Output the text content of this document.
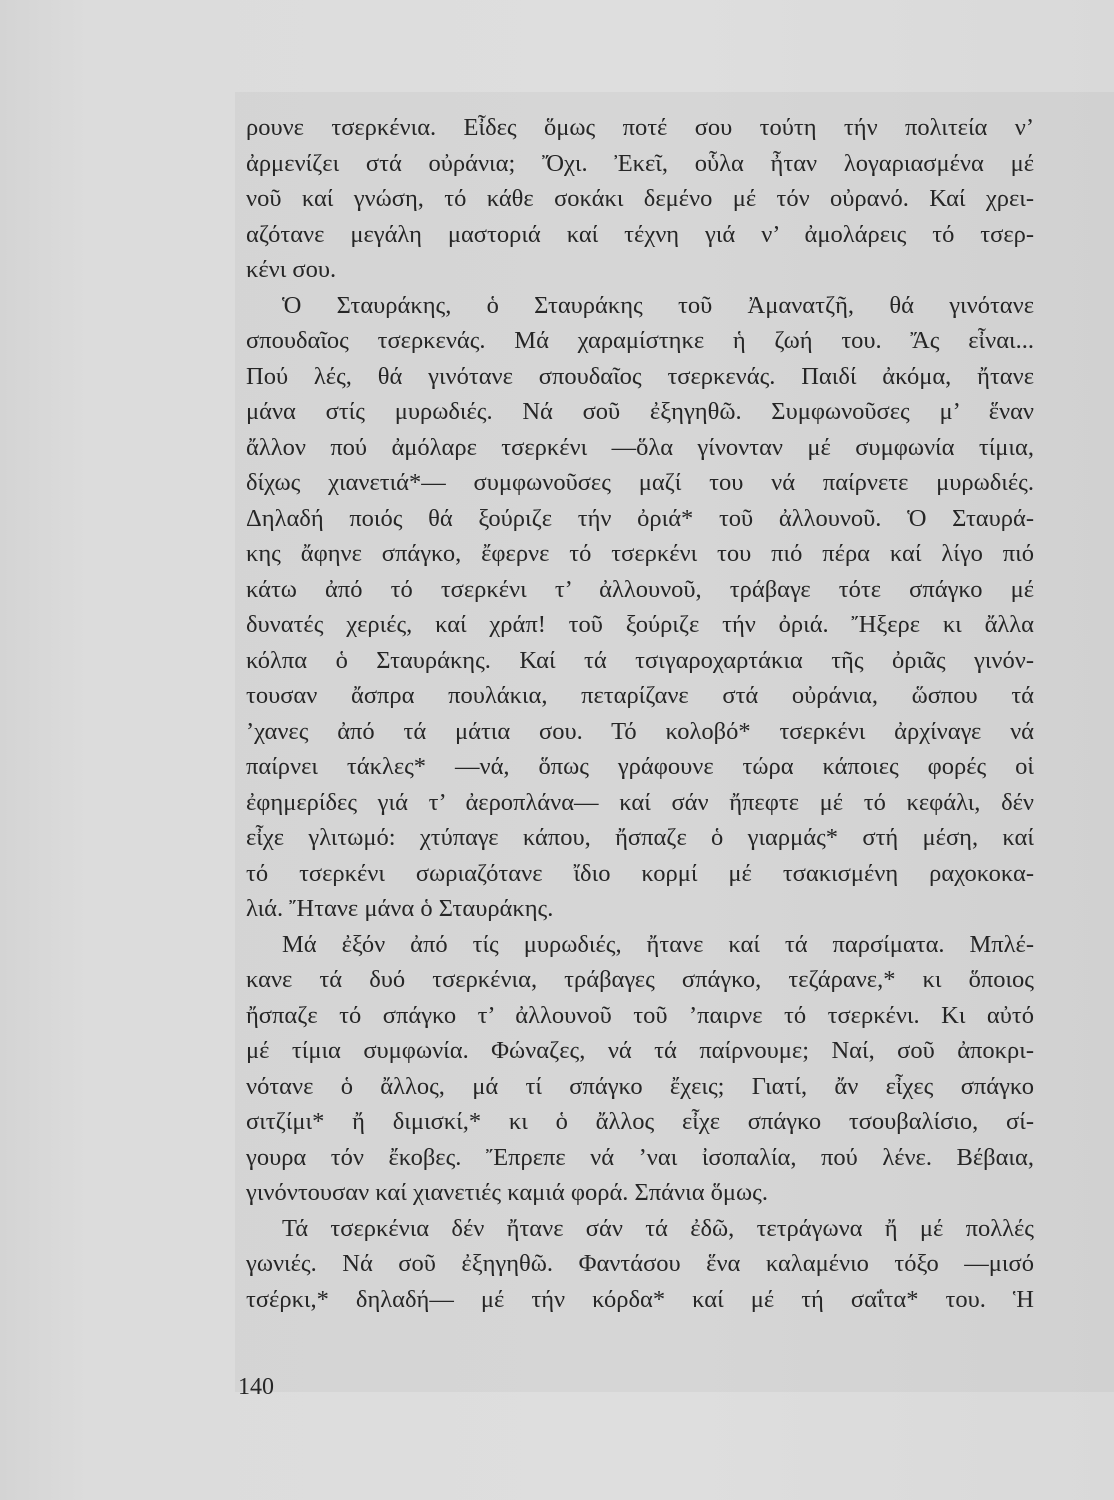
ρουνε τσερκένια. Εἶδες ὅμως ποτέ σου τούτη τήν πολιτεία ν’
ἀρμενίζει στά οὐράνια; Ὄχι. Ἐκεῖ, οὗλα ἦταν λογαριασμένα μέ
νοῦ καί γνώση, τό κάθε σοκάκι δεμένο μέ τόν οὐρανό. Καί χρει-
αζότανε μεγάλη μαστοριά καί τέχνη γιά ν’ ἀμολάρεις τό τσερ-
κένι σου.
Ὁ Σταυράκης, ὁ Σταυράκης τοῦ Ἀμανατζῆ, θά γινότανε
σπουδαῖος τσερκενάς. Μά χαραμίστηκε ἡ ζωή του. Ἄς εἶναι...
Πού λές, θά γινότανε σπουδαῖος τσερκενάς. Παιδί ἀκόμα, ἤτανε
μάνα στίς μυρωδιές. Νά σοῦ ἐξηγηθῶ. Συμφωνοῦσες μ’ ἕναν
ἄλλον πού ἀμόλαρε τσερκένι —ὅλα γίνονταν μέ συμφωνία τίμια,
δίχως χιανετιά*— συμφωνοῦσες μαζί του νά παίρνετε μυρωδιές.
Δηλαδή ποιός θά ξούριζε τήν ὀριά* τοῦ ἀλλουνοῦ. Ὁ Σταυρά-
κης ἄφηνε σπάγκο, ἔφερνε τό τσερκένι του πιό πέρα καί λίγο πιό
κάτω ἀπό τό τσερκένι τ’ ἀλλουνοῦ, τράβαγε τότε σπάγκο μέ
δυνατές χεριές, καί χράπ! τοῦ ξούριζε τήν ὀριά. Ἤξερε κι ἄλλα
κόλπα ὁ Σταυράκης. Καί τά τσιγαροχαρτάκια τῆς ὀριᾶς γινόν-
τουσαν ἄσπρα πουλάκια, πεταρίζανε στά οὐράνια, ὥσπου τά
’χανες ἀπό τά μάτια σου. Τό κολοβό* τσερκένι ἀρχίναγε νά
παίρνει τάκλες* —νά, ὅπως γράφουνε τώρα κάποιες φορές οἱ
ἐφημερίδες γιά τ’ ἀεροπλάνα— καί σάν ἤπεφτε μέ τό κεφάλι, δέν
εἶχε γλιτωμό: χτύπαγε κάπου, ἤσπαζε ὁ γιαρμάς* στή μέση, καί
τό τσερκένι σωριαζότανε ἴδιο κορμί μέ τσακισμένη ραχοκοκα-
λιά. Ἤτανε μάνα ὁ Σταυράκης.
Μά ἐξόν ἀπό τίς μυρωδιές, ἤτανε καί τά παρσίματα. Μπλέ-
κανε τά δυό τσερκένια, τράβαγες σπάγκο, τεζάρανε,* κι ὅποιος
ἤσπαζε τό σπάγκο τ’ ἀλλουνοῦ τοῦ ’παιρνε τό τσερκένι. Κι αὐτό
μέ τίμια συμφωνία. Φώναζες, νά τά παίρνουμε; Ναί, σοῦ ἀποκρι-
νότανε ὁ ἄλλος, μά τί σπάγκο ἔχεις; Γιατί, ἄν εἶχες σπάγκο
σιτζίμι* ἤ διμισκί,* κι ὁ ἄλλος εἶχε σπάγκο τσουβαλίσιο, σί-
γουρα τόν ἔκοβες. Ἔπρεπε νά ’ναι ἰσοπαλία, πού λένε. Βέβαια,
γινόντουσαν καί χιανετιές καμιά φορά. Σπάνια ὅμως.
Τά τσερκένια δέν ἤτανε σάν τά ἐδῶ, τετράγωνα ἤ μέ πολλές
γωνιές. Νά σοῦ ἐξηγηθῶ. Φαντάσου ἕνα καλαμένιο τόξο —μισό
τσέρκι,* δηλαδή— μέ τήν κόρδα* καί μέ τή σαΐτα* του. Ἡ
140
